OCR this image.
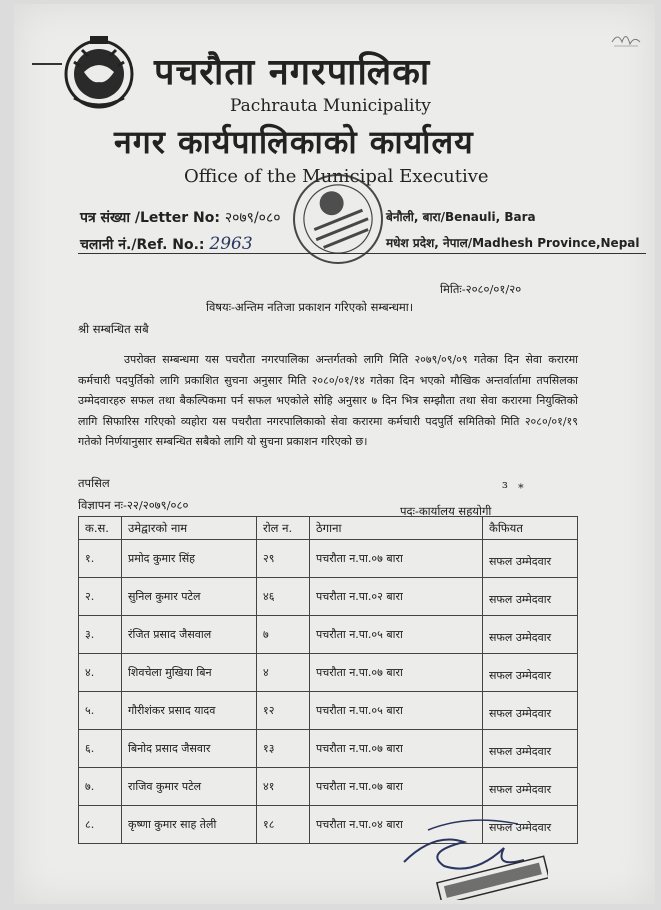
पचरौता नगरपालिका
Pachrauta Municipality
नगर कार्यपालिकाको कार्यालय
Office of the Municipal Executive
पत्र संख्या /Letter No: २०७९/०८०
चलानी नं./Ref. No.: 2963
बेनौली, बारा/Benauli, Bara
मधेश प्रदेश, नेपाल/Madhesh Province,Nepal
मितिः-२०८०/०१/२०
विषयः-अन्तिम नतिजा प्रकाशन गरिएको सम्बन्धमा।
श्री सम्बन्धित सबै
उपरोक्त सम्बन्धमा यस पचरौता नगरपालिका अन्तर्गतको लागि मिति २०७९/०९/०९ गतेका दिन सेवा करारमा कर्मचारी पदपुर्तिको लागि प्रकाशित सुचना अनुसार मिति २०८०/०१/१४ गतेका दिन भएको मौखिक अन्तर्वार्तामा तपसिलका उम्मेदवारहरु सफल तथा बैकल्पिकमा पर्न सफल भएकोले सोहि अनुसार ७ दिन भित्र सम्झौता तथा सेवा करारमा नियुक्तिको लागि सिफारिस गरिएको व्यहोरा यस पचरौता नगरपालिकाको सेवा करारमा कर्मचारी पदपुर्ति समितिको मिति २०८०/०१/१९ गतेको निर्णयानुसार सम्बन्धित सबैको लागि यो सुचना प्रकाशन गरिएको छ।
तपसिल	ɜ   ⁎
विज्ञापन नः-२२/२०७९/०८०	पदः-कार्यालय सहयोगी
क.स.	उमेद्वारको नाम	रोल न.	ठेगाना	कैफियत
१.	प्रमोद कुमार सिंह	२९	पचरौता न.पा.०७ बारा	सफल उम्मेदवार
२.	सुनिल कुमार पटेल	४६	पचरौता न.पा.०२ बारा	सफल उम्मेदवार
३.	रंजित प्रसाद जैसवाल	७	पचरौता न.पा.०५ बारा	सफल उम्मेदवार
४.	शिवचेला मुखिया बिन	४	पचरौता न.पा.०७ बारा	सफल उम्मेदवार
५.	गौरीशंकर प्रसाद यादव	१२	पचरौता न.पा.०५ बारा	सफल उम्मेदवार
६.	बिनोद प्रसाद जैसवार	१३	पचरौता न.पा.०७ बारा	सफल उम्मेदवार
७.	राजिव कुमार पटेल	४१	पचरौता न.पा.०७ बारा	सफल उम्मेदवार
८.	कृष्णा कुमार साह तेली	१८	पचरौता न.पा.०४ बारा	सफल उम्मेदवार
